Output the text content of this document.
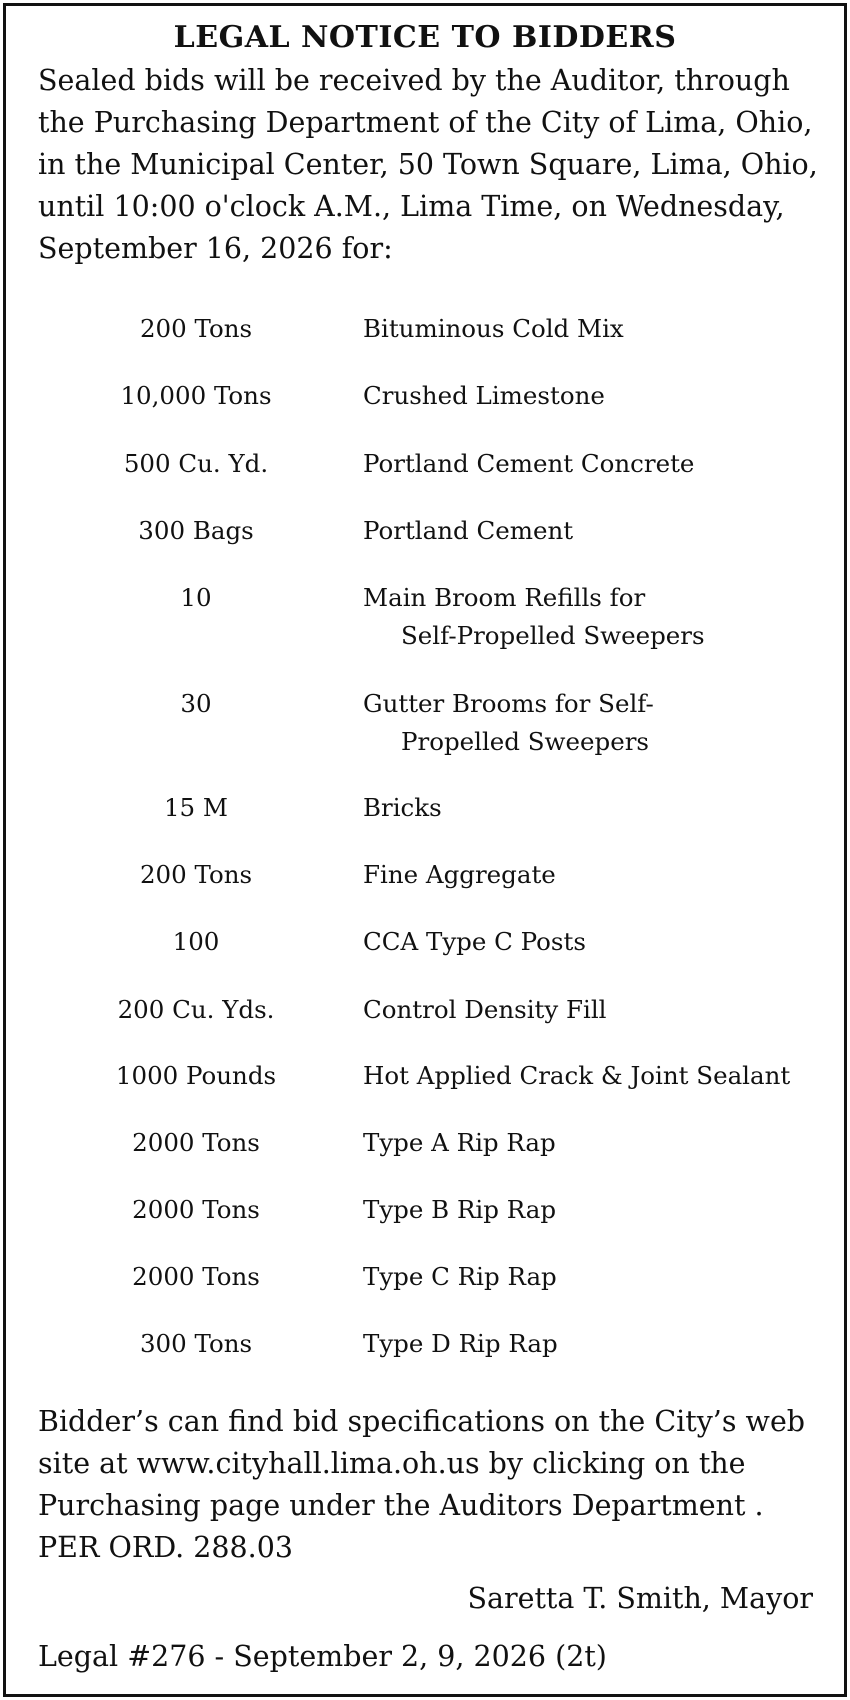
LEGAL NOTICE TO BIDDERS
Sealed bids will be received by the Auditor, through
the Purchasing Department of the City of Lima, Ohio,
in the Municipal Center, 50 Town Square, Lima, Ohio,
until 10:00 o'clock A.M., Lima Time, on Wednesday,
September 16, 2026 for:
200 Tons	Bituminous Cold Mix
10,000 Tons	Crushed Limestone
500 Cu. Yd.	Portland Cement Concrete
300 Bags	Portland Cement
10	Main Broom Refills for
Self-Propelled Sweepers
30	Gutter Brooms for Self-
Propelled Sweepers
15 M	Bricks
200 Tons	Fine Aggregate
100	CCA Type C Posts
200 Cu. Yds.	Control Density Fill
1000 Pounds	Hot Applied Crack & Joint Sealant
2000 Tons	Type A Rip Rap
2000 Tons	Type B Rip Rap
2000 Tons	Type C Rip Rap
300 Tons	Type D Rip Rap
Bidder’s can find bid specifications on the City’s web
site at www.cityhall.lima.oh.us by clicking on the
Purchasing page under the Auditors Department .
PER ORD. 288.03
Saretta T. Smith, Mayor
Legal #276 - September 2, 9, 2026 (2t)
